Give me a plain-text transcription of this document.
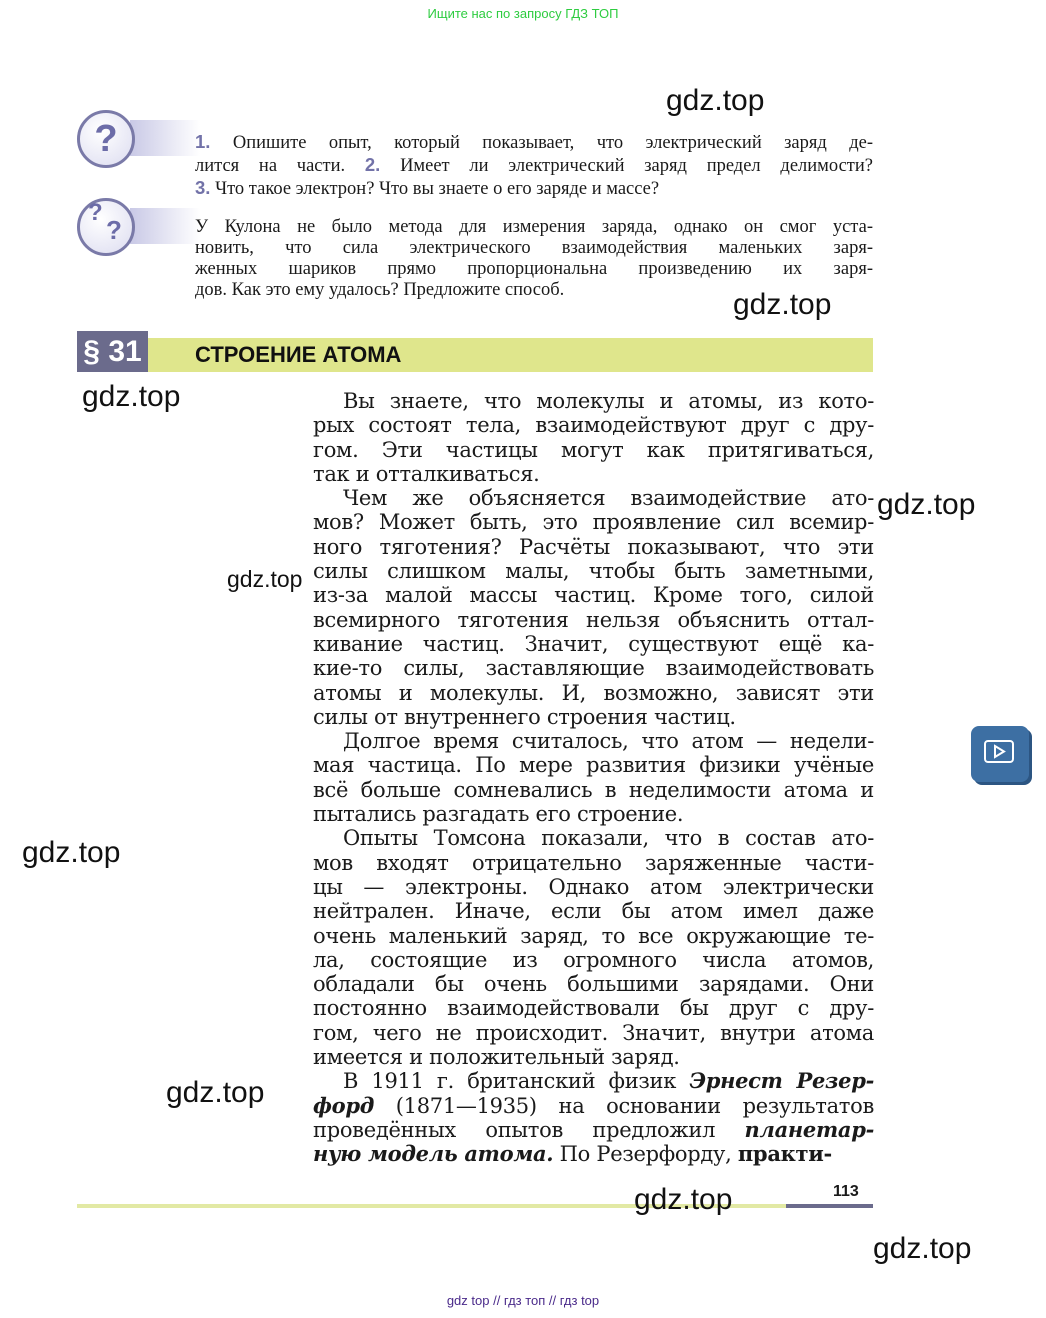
Ищите нас по запросу ГДЗ ТОП
?	1. Опишите опыт, который показывает, что электрический заряд де-
лится на части. 2. Имеет ли электрический заряд предел делимости?
3. Что такое электрон? Что вы знаете о его заряде и массе?
?
?	У Кулона не было метода для измерения заряда, однако он смог уста-
новить, что сила электрического взаимодействия маленьких заря-
женных шариков прямо пропорциональна произведению их заря-
дов. Как это ему удалось? Предложите способ.
§ 31 СТРОЕНИЕ АТОМА
Вы знаете, что молекулы и атомы, из кото-
рых состоят тела, взаимодействуют друг с дру-
гом. Эти частицы могут как притягиваться,
так и отталкиваться.
Чем же объясняется взаимодействие ато-
мов? Может быть, это проявление сил всемир-
ного тяготения? Расчёты показывают, что эти
силы слишком малы, чтобы быть заметными,
из-за малой массы частиц. Кроме того, силой
всемирного тяготения нельзя объяснить оттал-
кивание частиц. Значит, существуют ещё ка-
кие-то силы, заставляющие взаимодействовать
атомы и молекулы. И, возможно, зависят эти
силы от внутреннего строения частиц.
Долгое время считалось, что атом — недели-
мая частица. По мере развития физики учёные
всё больше сомневались в неделимости атома и
пытались разгадать его строение.
Опыты Томсона показали, что в состав ато-
мов входят отрицательно заряженные части-
цы — электроны. Однако атом электрически
нейтрален. Иначе, если бы атом имел даже
очень маленький заряд, то все окружающие те-
ла, состоящие из огромного числа атомов,
обладали бы очень большими зарядами. Они
постоянно взаимодействовали бы друг с дру-
гом, чего не происходит. Значит, внутри атома
имеется и положительный заряд.
В 1911 г. британский физик Эрнест Резер-
форд (1871—1935) на основании результатов
проведённых опытов предложил планетар-
ную модель атома. По Резерфорду, практи-
113
gdz.top
gdz.top
gdz.top
gdz.top
gdz.top
gdz.top
gdz.top
gdz.top
gdz.top
gdz top // гдз топ // гдз top
